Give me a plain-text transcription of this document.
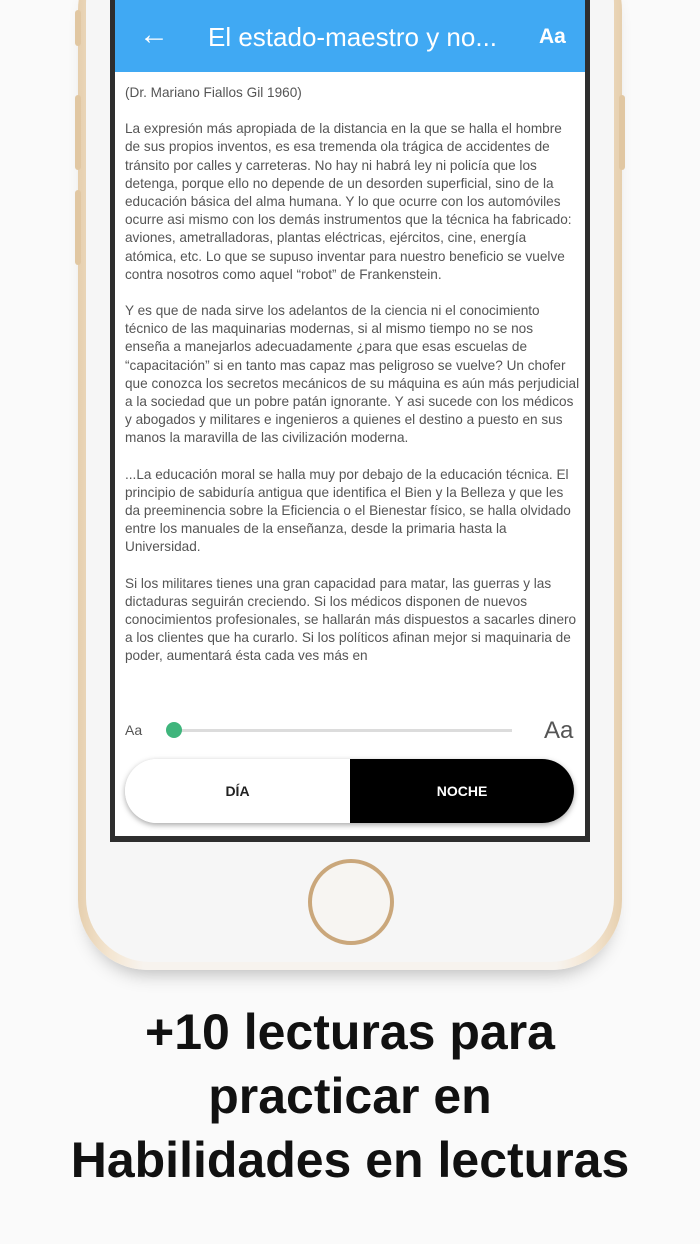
← El estado-maestro y no...	Aa

(Dr. Mariano Fiallos Gil 1960)

La expresión más apropiada de la distancia en la que se halla el hombre de sus propios inventos, es esa tremenda ola trágica de accidentes de tránsito por calles y carreteras. No hay ni habrá ley ni policía que los detenga, porque ello no depende de un desorden superficial, sino de la educación básica del alma humana. Y lo que ocurre con los automóviles ocurre asi mismo con los demás instrumentos que la técnica ha fabricado: aviones, ametralladoras, plantas eléctricas, ejércitos, cine, energía atómica, etc. Lo que se supuso inventar para nuestro beneficio se vuelve contra nosotros como aquel “robot” de Frankenstein.

Y es que de nada sirve los adelantos de la ciencia ni el conocimiento técnico de las maquinarias modernas, si al mismo tiempo no se nos enseña a manejarlos adecuadamente ¿para que esas escuelas de “capacitación” si en tanto mas capaz mas peligroso se vuelve? Un chofer que conozca los secretos mecánicos de su máquina es aún más perjudicial a la sociedad que un pobre patán ignorante. Y asi sucede con los médicos y abogados y militares e ingenieros a quienes el destino a puesto en sus manos la maravilla de las civilización moderna.

...La educación moral se halla muy por debajo de la educación técnica. El principio de sabiduría antigua que identifica el Bien y la Belleza y que les da preeminencia sobre la Eficiencia o el Bienestar físico, se halla olvidado entre los manuales de la enseñanza, desde la primaria hasta la Universidad.

Si los militares tienes una gran capacidad para matar, las guerras y las dictaduras seguirán creciendo. Si los médicos disponen de nuevos conocimientos profesionales, se hallarán más dispuestos a sacarles dinero a los clientes que ha curarlo. Si los políticos afinan mejor si maquinaria de poder, aumentará ésta cada ves más en

Aa	Aa
DÍA	NOCHE
+10 lecturas para
practicar en
Habilidades en lecturas
